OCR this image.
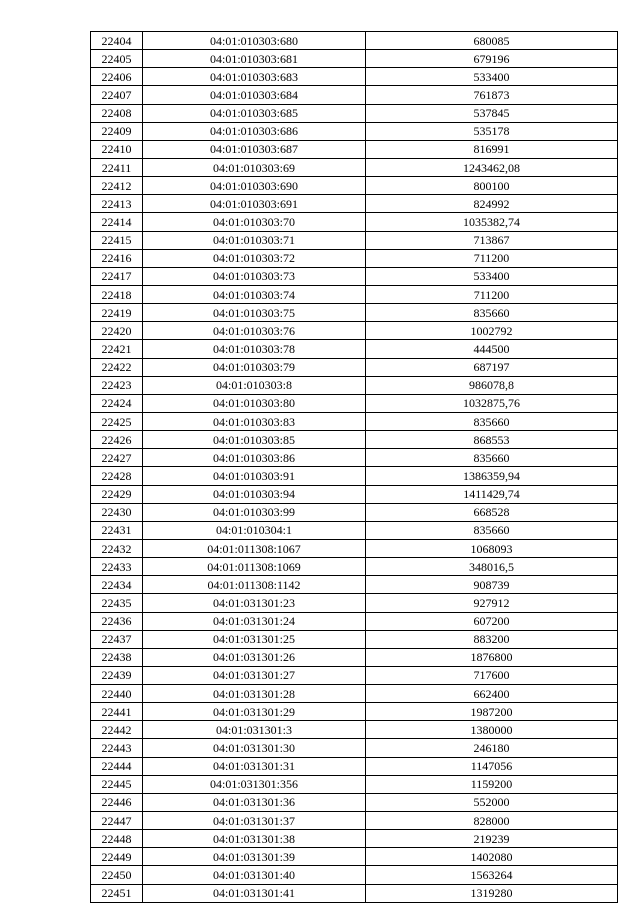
22404	04:01:010303:680	680085
22405	04:01:010303:681	679196
22406	04:01:010303:683	533400
22407	04:01:010303:684	761873
22408	04:01:010303:685	537845
22409	04:01:010303:686	535178
22410	04:01:010303:687	816991
22411	04:01:010303:69	1243462,08
22412	04:01:010303:690	800100
22413	04:01:010303:691	824992
22414	04:01:010303:70	1035382,74
22415	04:01:010303:71	713867
22416	04:01:010303:72	711200
22417	04:01:010303:73	533400
22418	04:01:010303:74	711200
22419	04:01:010303:75	835660
22420	04:01:010303:76	1002792
22421	04:01:010303:78	444500
22422	04:01:010303:79	687197
22423	04:01:010303:8	986078,8
22424	04:01:010303:80	1032875,76
22425	04:01:010303:83	835660
22426	04:01:010303:85	868553
22427	04:01:010303:86	835660
22428	04:01:010303:91	1386359,94
22429	04:01:010303:94	1411429,74
22430	04:01:010303:99	668528
22431	04:01:010304:1	835660
22432	04:01:011308:1067	1068093
22433	04:01:011308:1069	348016,5
22434	04:01:011308:1142	908739
22435	04:01:031301:23	927912
22436	04:01:031301:24	607200
22437	04:01:031301:25	883200
22438	04:01:031301:26	1876800
22439	04:01:031301:27	717600
22440	04:01:031301:28	662400
22441	04:01:031301:29	1987200
22442	04:01:031301:3	1380000
22443	04:01:031301:30	246180
22444	04:01:031301:31	1147056
22445	04:01:031301:356	1159200
22446	04:01:031301:36	552000
22447	04:01:031301:37	828000
22448	04:01:031301:38	219239
22449	04:01:031301:39	1402080
22450	04:01:031301:40	1563264
22451	04:01:031301:41	1319280
